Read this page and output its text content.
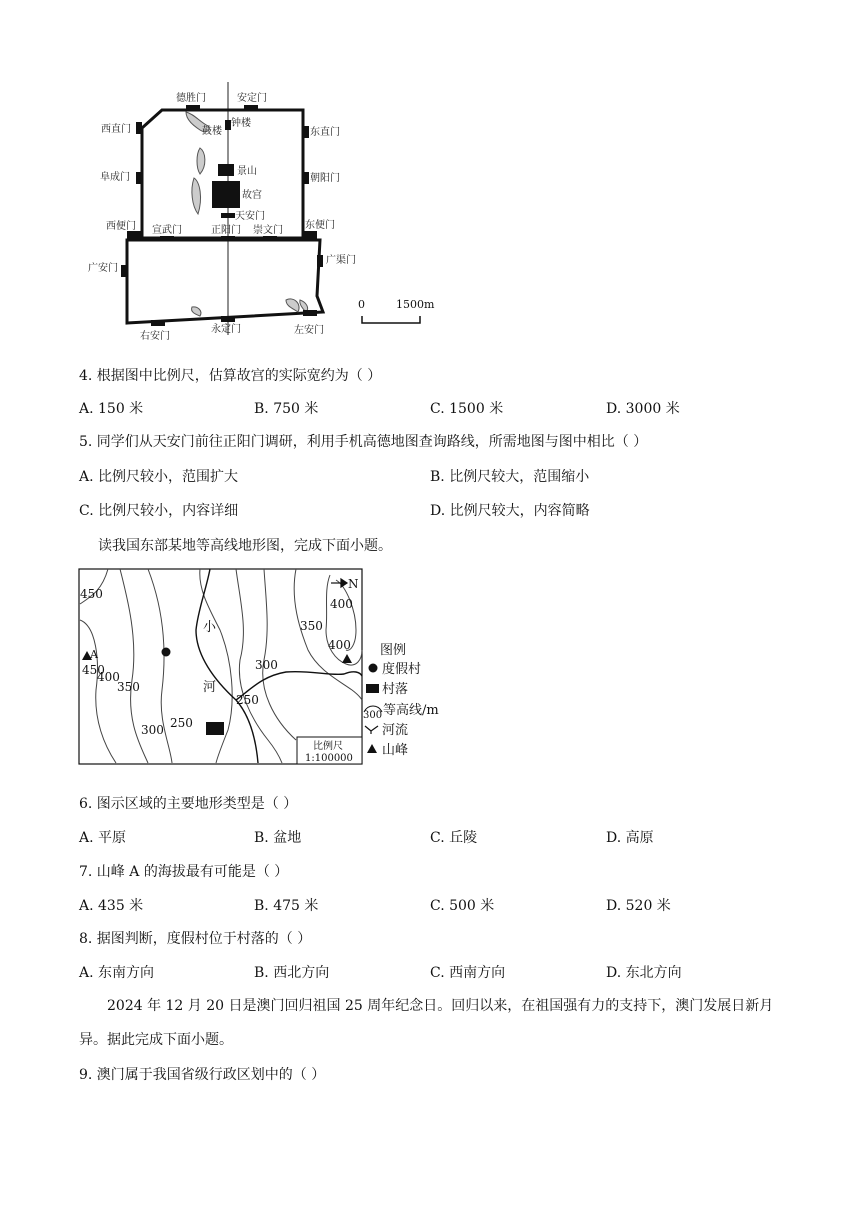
德胜门	安定门
西直门	东直门
阜成门	朝阳门
西便门	东便门
宣武门	正阳门 崇文门
广安门
广渠门
右安门
永定门	左安门
鼓楼
钟楼
景山
故宫
天安门
0	1500m
4. 根据图中比例尺，估算故宫的实际宽约为（ ）
A. 150 米	B. 750 米	C. 1500 米	D. 3000 米
5. 同学们从天安门前往正阳门调研，利用手机高德地图查询路线，所需地图与图中相比（ ）
A. 比例尺较小，范围扩大	B. 比例尺较大，范围缩小
C. 比例尺较小，内容详细	D. 比例尺较大，内容简略
读我国东部某地等高线地形图，完成下面小题。
450
450
400
350
300 250
400
400
350
300
250
小
河
N
A
比例尺
1:100000
图例
度假村
村落
300 等高线/m
河流
山峰
6. 图示区域的主要地形类型是（ ）
A. 平原	B. 盆地	C. 丘陵	D. 高原
7. 山峰 A 的海拔最有可能是（ ）
A. 435 米	B. 475 米	C. 500 米	D. 520 米
8. 据图判断，度假村位于村落的（ ）
A. 东南方向	B. 西北方向	C. 西南方向	D. 东北方向
2024 年 12 月 20 日是澳门回归祖国 25 周年纪念日。回归以来，在祖国强有力的支持下，澳门发展日新月异。据此完成下面小题。
9. 澳门属于我国省级行政区划中的（ ）
